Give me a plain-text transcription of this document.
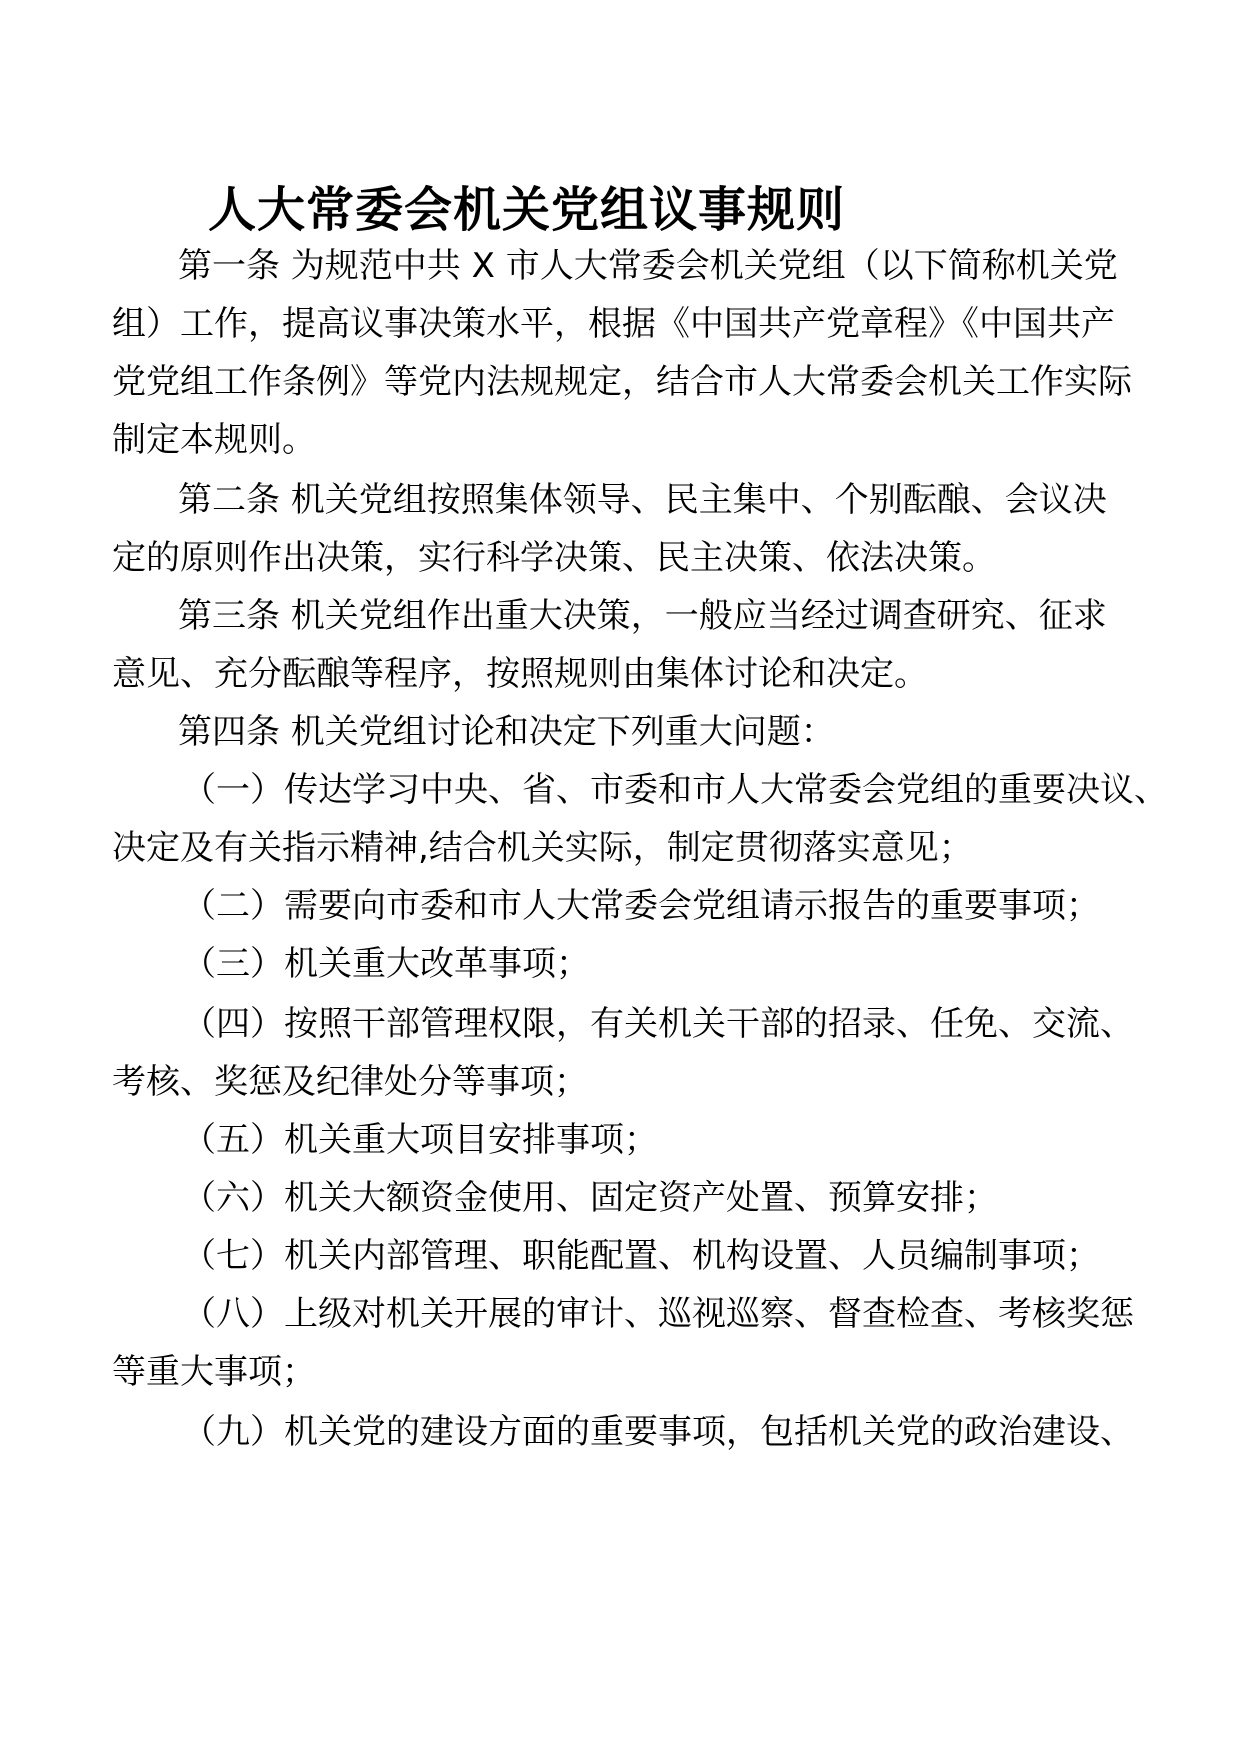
人大常委会机关党组议事规则
第一条 为规范中共 X 市人大常委会机关党组（以下简称机关党
组）工作，提高议事决策水平，根据《中国共产党章程》《中国共产
党党组工作条例》等党内法规规定，结合市人大常委会机关工作实际
制定本规则。
第二条 机关党组按照集体领导、民主集中、个别酝酿、会议决
定的原则作出决策，实行科学决策、民主决策、依法决策。
第三条 机关党组作出重大决策，一般应当经过调查研究、征求
意见、充分酝酿等程序，按照规则由集体讨论和决定。
第四条 机关党组讨论和决定下列重大问题：
（一）传达学习中央、省、市委和市人大常委会党组的重要决议、
决定及有关指示精神,结合机关实际，制定贯彻落实意见；
（二）需要向市委和市人大常委会党组请示报告的重要事项；
（三）机关重大改革事项；
（四）按照干部管理权限，有关机关干部的招录、任免、交流、
考核、奖惩及纪律处分等事项；
（五）机关重大项目安排事项；
（六）机关大额资金使用、固定资产处置、预算安排；
（七）机关内部管理、职能配置、机构设置、人员编制事项；
（八）上级对机关开展的审计、巡视巡察、督查检查、考核奖惩
等重大事项；
（九）机关党的建设方面的重要事项，包括机关党的政治建设、
